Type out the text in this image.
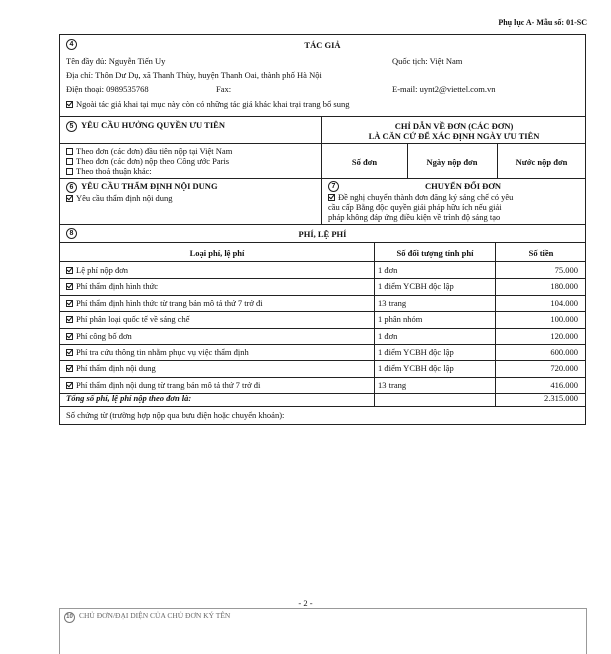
Phụ lục A- Mẫu số: 01-SC
4	TÁC GIẢ
Tên đầy đủ: Nguyễn Tiến Uy	Quốc tịch: Việt Nam
Địa chỉ: Thôn Dư Dụ, xã Thanh Thùy, huyện Thanh Oai, thành phố Hà Nội
Điện thoại: 0989535768	Fax:	E-mail: uynt2@viettel.com.vn
Ngoài tác giả khai tại mục này còn có những tác giả khác khai trại trang bổ sung
5 YÊU CẦU HƯỞNG QUYỀN ƯU TIÊN	CHỈ DẪN VỀ ĐƠN (CÁC ĐƠN)
LÀ CĂN CỨ ĐỂ XÁC ĐỊNH NGÀY ƯU TIÊN
Theo đơn (các đơn) đầu tiên nộp tại Việt Nam
Theo đơn (các đơn) nộp theo Công ước Paris
Theo thoả thuận khác:
Số đơn	Ngày nộp đơn	Nước nộp đơn
6 YÊU CẦU THẨM ĐỊNH NỘI DUNG
Yêu cầu thẩm định nội dung
7	CHUYỂN ĐỔI ĐƠN
Đề nghị chuyển thành đơn đăng ký sáng chế có yêu
cầu cấp Bằng độc quyền giải pháp hữu ích nếu giải
pháp không đáp ứng điều kiện về trình độ sáng tạo
8	PHÍ, LỆ PHÍ
Loại phí, lệ phí	Số đối tượng tính phí	Số tiền
Lệ phí nộp đơn	1 đơn	75.000
Phí thẩm định hình thức	1 điểm YCBH độc lập	180.000
Phí thẩm định hình thức từ trang bản mô tả thứ 7 trở đi	13 trang	104.000
Phí phân loại quốc tế về sáng chế	1 phân nhóm	100.000
Phí công bố đơn	1 đơn	120.000
Phí tra cứu thông tin nhằm phục vụ việc thẩm định	1 điểm YCBH độc lập	600.000
Phí thẩm định nội dung	1 điểm YCBH độc lập	720.000
Phí thẩm định nội dung từ trang bản mô tả thứ 7 trở đi	13 trang	416.000
Tổng số phí, lệ phí nộp theo đơn là:	2.315.000
Số chứng từ (trường hợp nộp qua bưu điện hoặc chuyển khoản):
- 2 -
10 CHỦ ĐƠN/ĐẠI DIỆN CỦA CHỦ ĐƠN KÝ TÊN
